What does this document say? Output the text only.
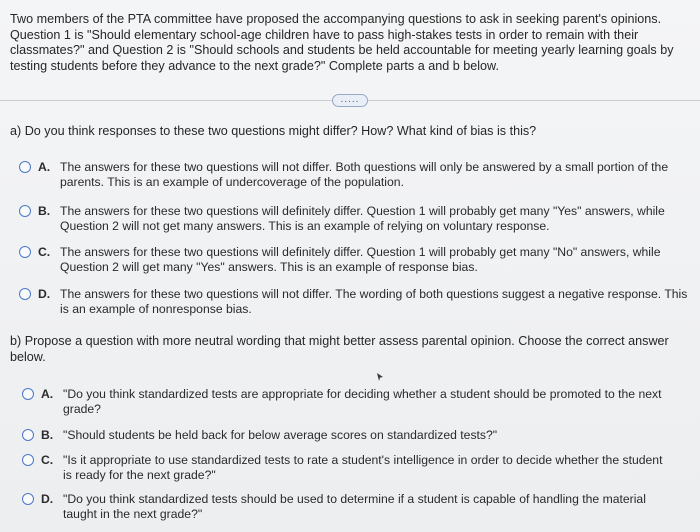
Two members of the PTA committee have proposed the accompanying questions to ask in seeking parent's opinions. Question 1 is "Should elementary school-age children have to pass high-stakes tests in order to remain with their classmates?" and Question 2 is "Should schools and students be held accountable for meeting yearly learning goals by testing students before they advance to the next grade?" Complete parts a and b below.
.....
a) Do you think responses to these two questions might differ? How? What kind of bias is this?
A. The answers for these two questions will not differ. Both questions will only be answered by a small portion of the parents. This is an example of undercoverage of the population.
B. The answers for these two questions will definitely differ. Question 1 will probably get many "Yes" answers, while Question 2 will not get many answers. This is an example of relying on voluntary response.
C. The answers for these two questions will definitely differ. Question 1 will probably get many "No" answers, while Question 2 will get many "Yes" answers. This is an example of response bias.
D. The answers for these two questions will not differ. The wording of both questions suggest a negative response. This is an example of nonresponse bias.
b) Propose a question with more neutral wording that might better assess parental opinion. Choose the correct answer below.
A. "Do you think standardized tests are appropriate for deciding whether a student should be promoted to the next grade?
B. "Should students be held back for below average scores on standardized tests?"
C. "Is it appropriate to use standardized tests to rate a student's intelligence in order to decide whether the student is ready for the next grade?"
D. "Do you think standardized tests should be used to determine if a student is capable of handling the material taught in the next grade?"
